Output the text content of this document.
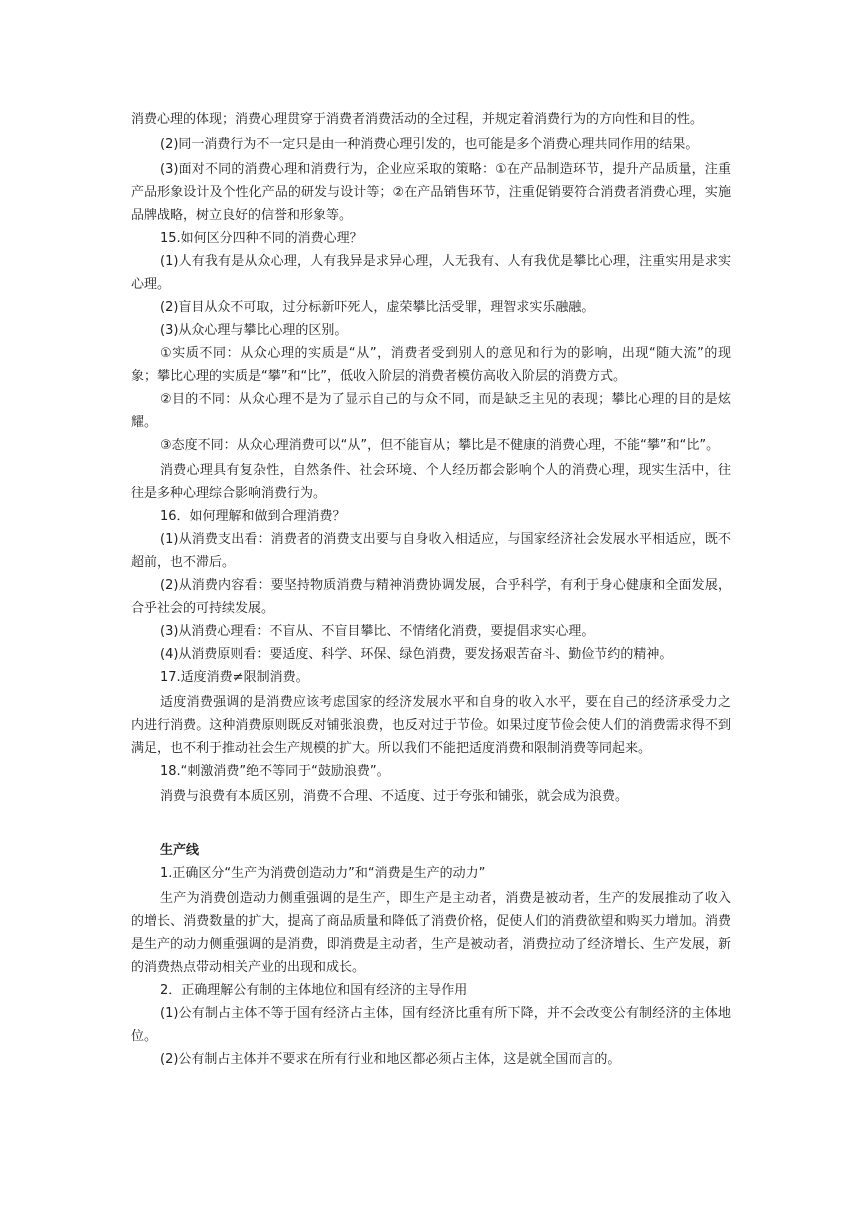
消费心理的体现；消费心理贯穿于消费者消费活动的全过程，并规定着消费行为的方向性和目的性。

(2)同一消费行为不一定只是由一种消费心理引发的，也可能是多个消费心理共同作用的结果。

(3)面对不同的消费心理和消费行为，企业应采取的策略：①在产品制造环节，提升产品质量，注重产品形象设计及个性化产品的研发与设计等；②在产品销售环节，注重促销要符合消费者消费心理，实施品牌战略，树立良好的信誉和形象等。

15.如何区分四种不同的消费心理？

(1)人有我有是从众心理，人有我异是求异心理，人无我有、人有我优是攀比心理，注重实用是求实心理。

(2)盲目从众不可取，过分标新吓死人，虚荣攀比活受罪，理智求实乐融融。

(3)从众心理与攀比心理的区别。

①实质不同：从众心理的实质是“从”，消费者受到别人的意见和行为的影响，出现“随大流”的现象；攀比心理的实质是“攀”和“比”，低收入阶层的消费者模仿高收入阶层的消费方式。

②目的不同：从众心理不是为了显示自己的与众不同，而是缺乏主见的表现；攀比心理的目的是炫耀。

③态度不同：从众心理消费可以“从”，但不能盲从；攀比是不健康的消费心理，不能“攀”和“比”。

消费心理具有复杂性，自然条件、社会环境、个人经历都会影响个人的消费心理，现实生活中，往往是多种心理综合影响消费行为。

16．如何理解和做到合理消费？

(1)从消费支出看：消费者的消费支出要与自身收入相适应，与国家经济社会发展水平相适应，既不超前，也不滞后。

(2)从消费内容看：要坚持物质消费与精神消费协调发展，合乎科学，有利于身心健康和全面发展，合乎社会的可持续发展。

(3)从消费心理看：不盲从、不盲目攀比、不情绪化消费，要提倡求实心理。

(4)从消费原则看：要适度、科学、环保、绿色消费，要发扬艰苦奋斗、勤俭节约的精神。

17.适度消费≠限制消费。

适度消费强调的是消费应该考虑国家的经济发展水平和自身的收入水平，要在自己的经济承受力之内进行消费。这种消费原则既反对铺张浪费，也反对过于节俭。如果过度节俭会使人们的消费需求得不到满足，也不利于推动社会生产规模的扩大。所以我们不能把适度消费和限制消费等同起来。

18.“刺激消费”绝不等同于“鼓励浪费”。

消费与浪费有本质区别，消费不合理、不适度、过于夸张和铺张，就会成为浪费。

生产线

1.正确区分“生产为消费创造动力”和“消费是生产的动力”

生产为消费创造动力侧重强调的是生产，即生产是主动者，消费是被动者，生产的发展推动了收入的增长、消费数量的扩大，提高了商品质量和降低了消费价格，促使人们的消费欲望和购买力增加。消费是生产的动力侧重强调的是消费，即消费是主动者，生产是被动者，消费拉动了经济增长、生产发展，新的消费热点带动相关产业的出现和成长。

2．正确理解公有制的主体地位和国有经济的主导作用

(1)公有制占主体不等于国有经济占主体，国有经济比重有所下降，并不会改变公有制经济的主体地位。

(2)公有制占主体并不要求在所有行业和地区都必须占主体，这是就全国而言的。
